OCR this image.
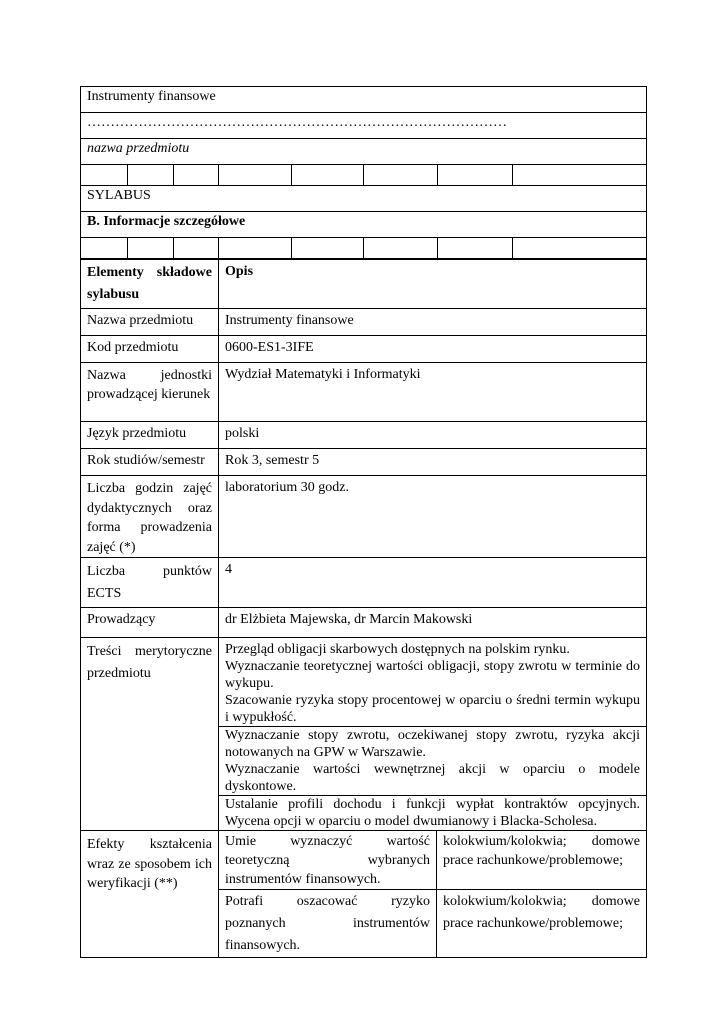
Instrumenty finansowe							
………………………………………………………………………………							
nazwa przedmiotu							

SYLABUS							
B. Informacje szczegółowe							

Elementy składowe sylabusu	Opis	
Nazwa przedmiotu	Instrumenty finansowe	
Kod przedmiotu	0600-ES1-3IFE	
Nazwa jednostki prowadzącej kierunek	Wydział Matematyki i Informatyki	
Język przedmiotu	polski	
Rok studiów/semestr	Rok 3, semestr 5	
Liczba godzin zajęć dydaktycznych oraz forma prowadzenia zajęć (*)	laboratorium 30 godz.	
Liczba punktów ECTS	4	
Prowadzący	dr Elżbieta Majewska, dr Marcin Makowski	
Treści merytoryczne przedmiotu	Przegląd obligacji skarbowych dostępnych na polskim rynku.
Wyznaczanie teoretycznej wartości obligacji, stopy zwrotu w terminie do wykupu.
Szacowanie ryzyka stopy procentowej w oparciu o średni termin wykupu i wypukłość.	

	Wyznaczanie stopy zwrotu, oczekiwanej stopy zwrotu, ryzyka akcji notowanych na GPW w Warszawie.
Wyznaczanie wartości wewnętrznej akcji w oparciu o modele dyskontowe.	

	Ustalanie profili dochodu i funkcji wypłat kontraktów opcyjnych. Wycena opcji w oparciu o model dwumianowy i Blacka-Scholesa.	

Efekty kształcenia wraz ze sposobem ich weryfikacji (**)	Umie wyznaczyć wartość teoretyczną wybranych instrumentów finansowych.	kolokwium/kolokwia; domowe prace rachunkowe/problemowe;
	Potrafi oszacować ryzyko poznanych instrumentów finansowych.	kolokwium/kolokwia; domowe prace rachunkowe/problemowe;
